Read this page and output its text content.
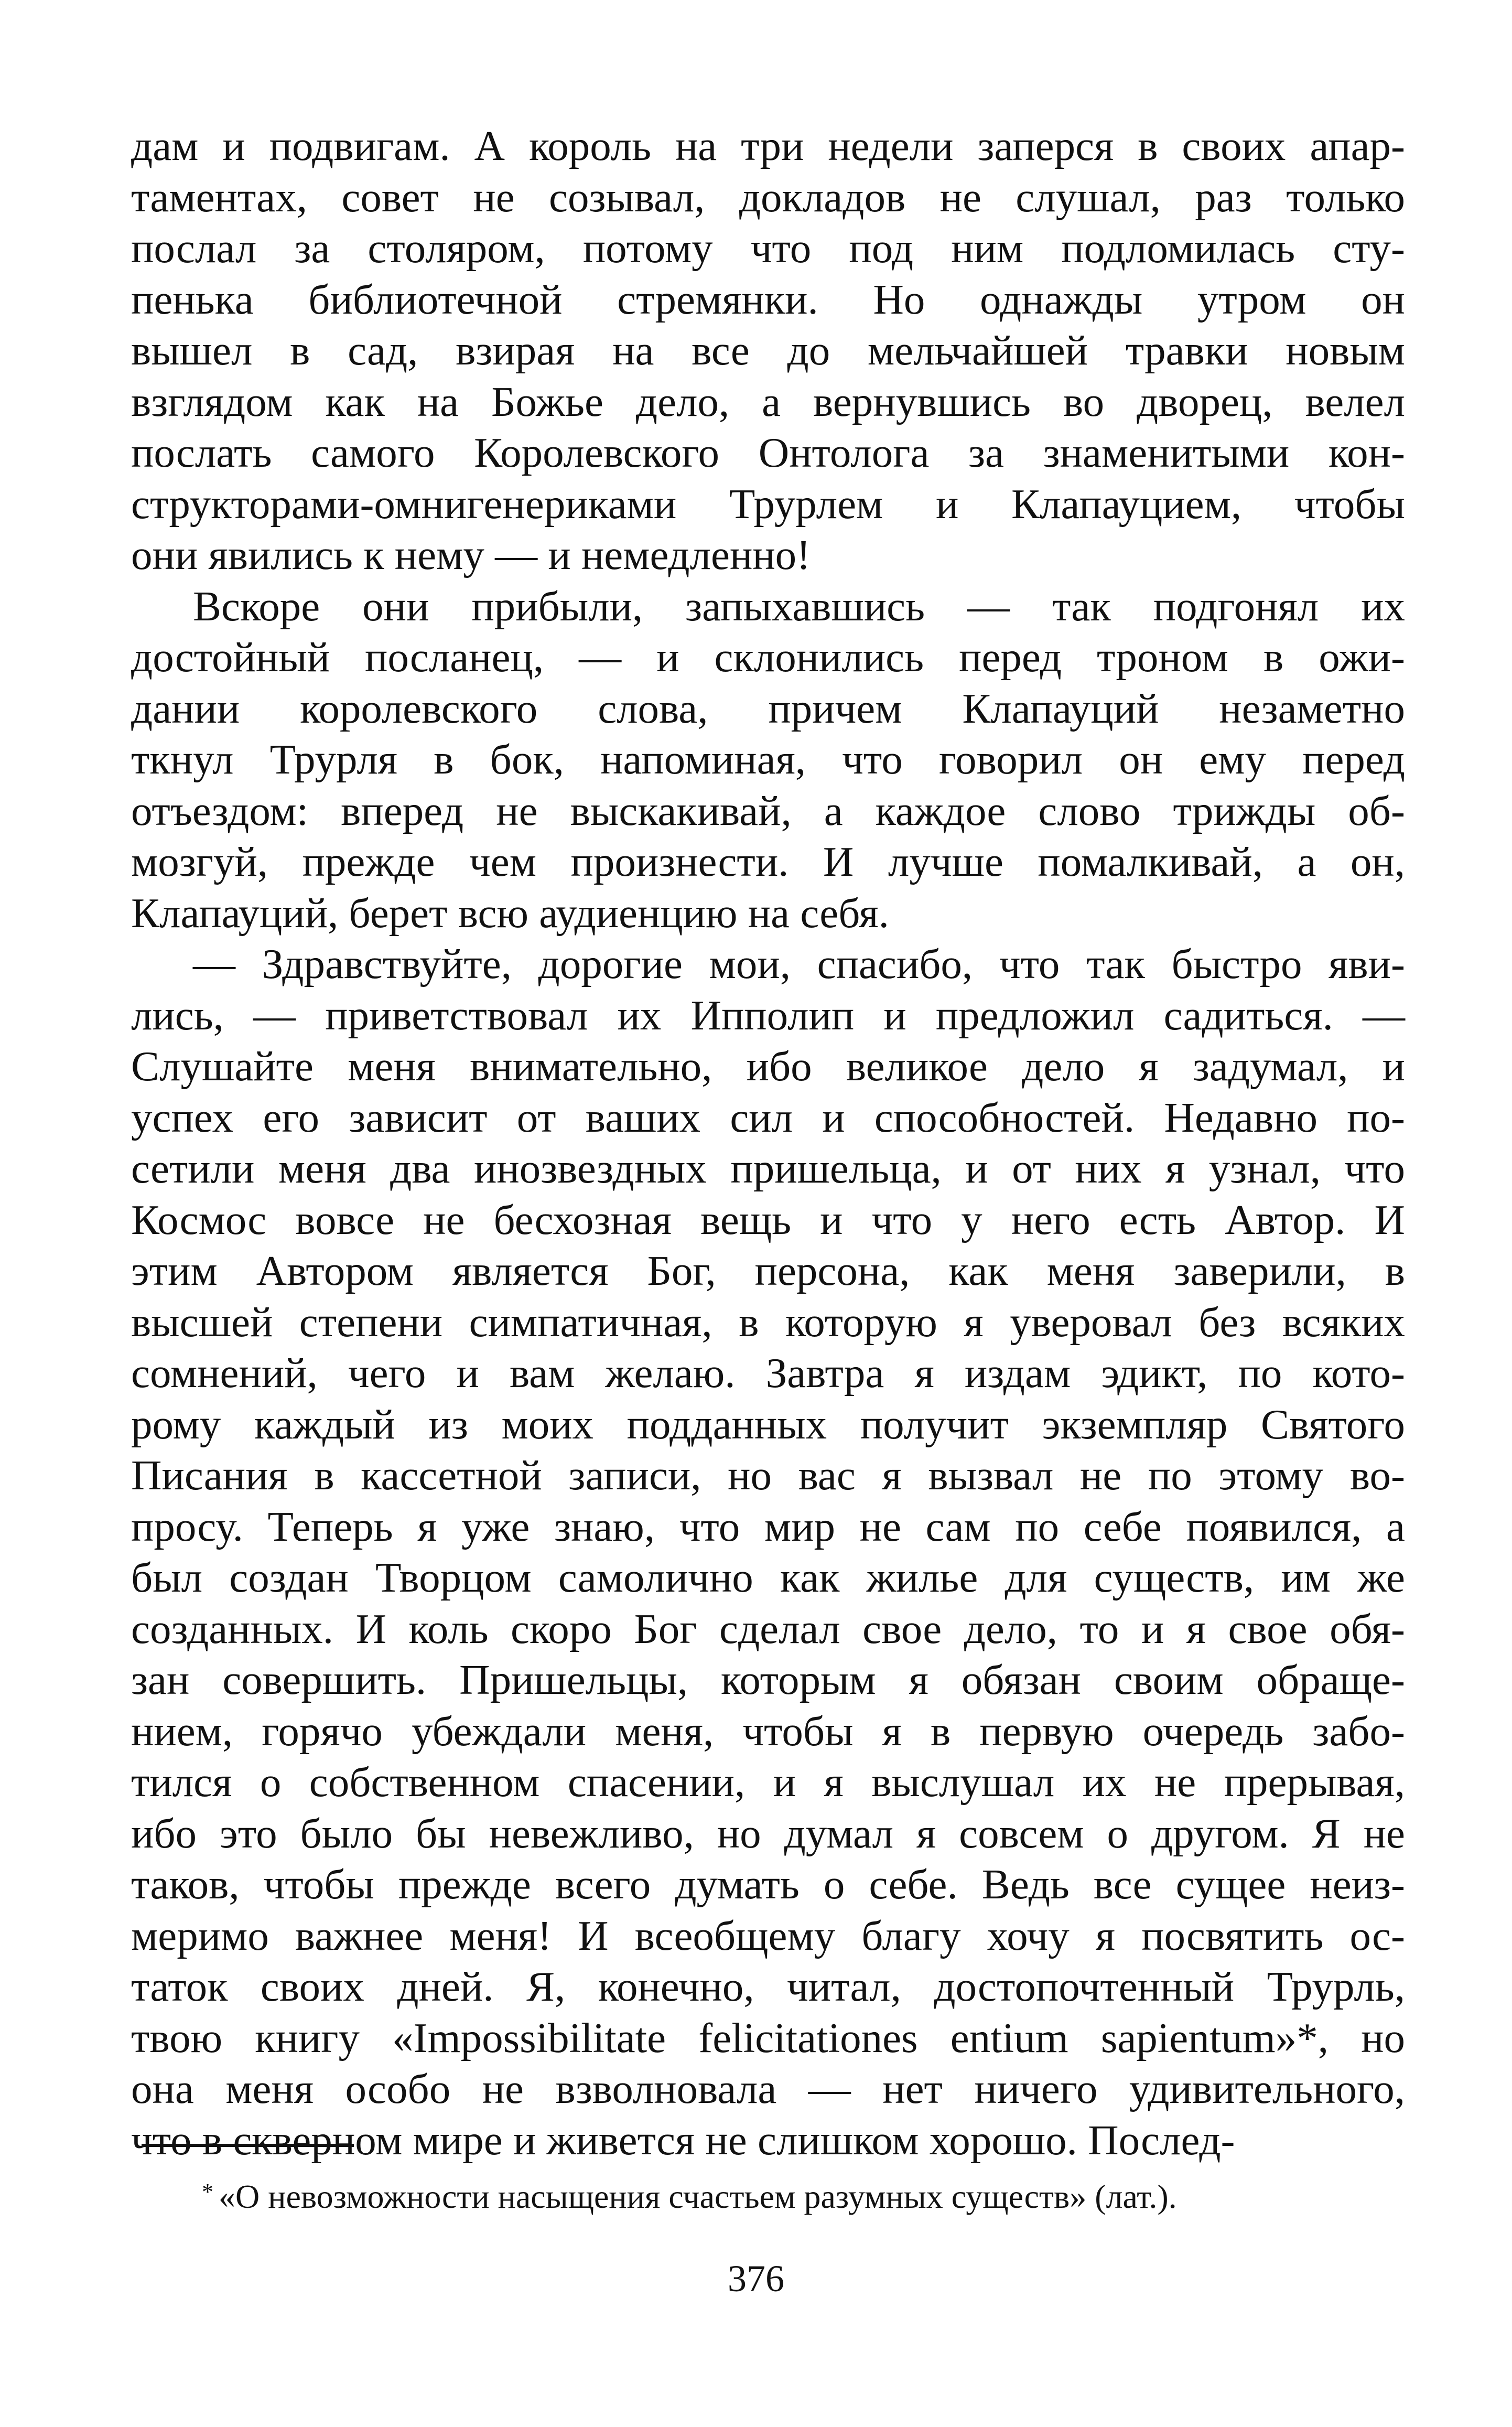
дам и подвигам. А король на три недели заперся в своих апар-
таментах, совет не созывал, докладов не слушал, раз только
послал за столяром, потому что под ним подломилась сту-
пенька библиотечной стремянки. Но однажды утром он
вышел в сад, взирая на все до мельчайшей травки новым
взглядом как на Божье дело, а вернувшись во дворец, велел
послать самого Королевского Онтолога за знаменитыми кон-
структорами-омнигенериками Трурлем и Клапауцием, чтобы
они явились к нему — и немедленно!
Вскоре они прибыли, запыхавшись — так подгонял их
достойный посланец, — и склонились перед троном в ожи-
дании королевского слова, причем Клапауций незаметно
ткнул Трурля в бок, напоминая, что говорил он ему перед
отъездом: вперед не выскакивай, а каждое слово трижды об-
мозгуй, прежде чем произнести. И лучше помалкивай, а он,
Клапауций, берет всю аудиенцию на себя.
— Здравствуйте, дорогие мои, спасибо, что так быстро яви-
лись, — приветствовал их Ипполип и предложил садиться. —
Слушайте меня внимательно, ибо великое дело я задумал, и
успех его зависит от ваших сил и способностей. Недавно по-
сетили меня два инозвездных пришельца, и от них я узнал, что
Космос вовсе не бесхозная вещь и что у него есть Автор. И
этим Автором является Бог, персона, как меня заверили, в
высшей степени симпатичная, в которую я уверовал без всяких
сомнений, чего и вам желаю. Завтра я издам эдикт, по кото-
рому каждый из моих подданных получит экземпляр Святого
Писания в кассетной записи, но вас я вызвал не по этому во-
просу. Теперь я уже знаю, что мир не сам по себе появился, а
был создан Творцом самолично как жилье для существ, им же
созданных. И коль скоро Бог сделал свое дело, то и я свое обя-
зан совершить. Пришельцы, которым я обязан своим обраще-
нием, горячо убеждали меня, чтобы я в первую очередь забо-
тился о собственном спасении, и я выслушал их не прерывая,
ибо это было бы невежливо, но думал я совсем о другом. Я не
таков, чтобы прежде всего думать о себе. Ведь все сущее неиз-
меримо важнее меня! И всеобщему благу хочу я посвятить ос-
таток своих дней. Я, конечно, читал, достопочтенный Трурль,
твою книгу «Impossibilitate felicitationes entium sapientum»*, но
она меня особо не взволновала — нет ничего удивительного,
что в скверном мире и живется не слишком хорошо. Послед-
* «О невозможности насыщения счастьем разумных существ» (лат.).
376
